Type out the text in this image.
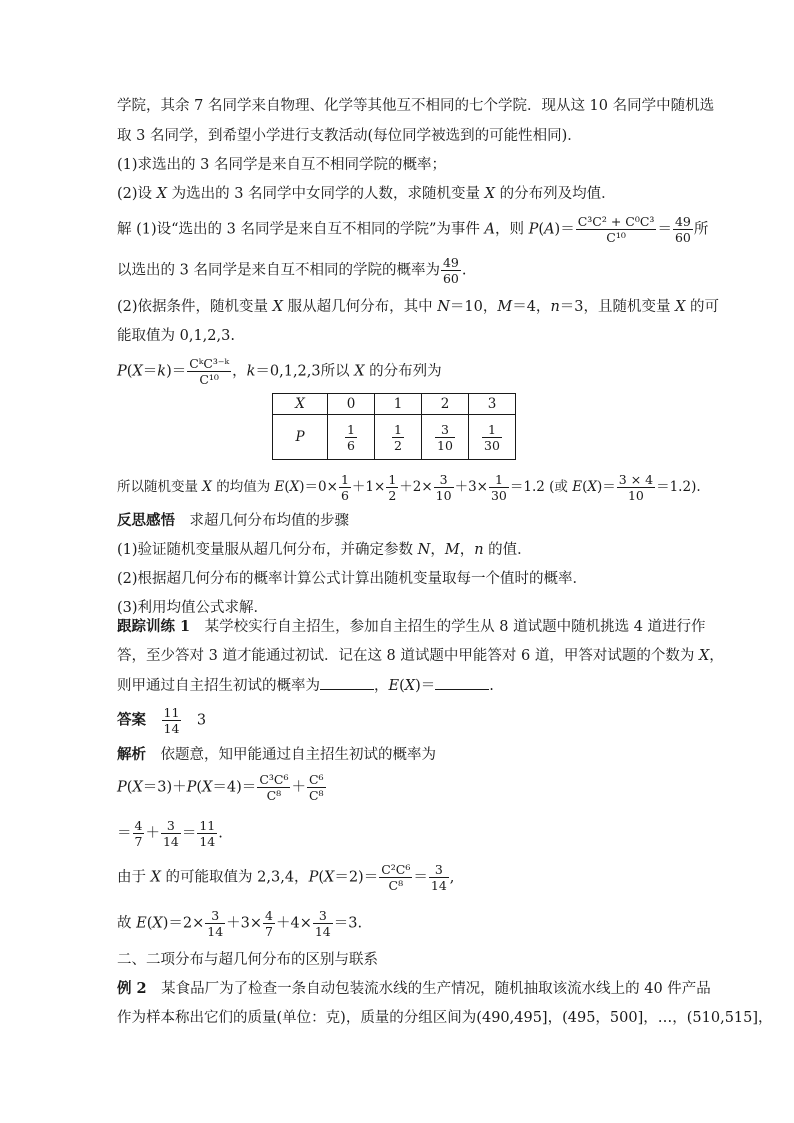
学院，其余 7 名同学来自物理、化学等其他互不相同的七个学院．现从这 10 名同学中随机选
取 3 名同学，到希望小学进行支教活动(每位同学被选到的可能性相同)．
(1)求选出的 3 名同学是来自互不相同学院的概率；
(2)设 X 为选出的 3 名同学中女同学的人数，求随机变量 X 的分布列及均值．
解 (1)设“选出的 3 名同学是来自互不相同的学院”为事件 A，则 $P(A)= \frac{\text{C³C² + C⁰C³}}{\text{C¹⁰}} = \frac{49}{60}$ 所
以选出的 3 名同学是来自互不相同的学院的概率为 $\frac{49}{60}$ .
(2)依据条件，随机变量 X 服从超几何分布，其中 N＝10，M＝4，n＝3，且随机变量 X 的可
能取值为 0,1,2,3.
$P(X=k)= \frac{\text{CᵏC³⁻ᵏ}}{\text{C¹⁰}}$ ，k＝0,1,2,3所以 X 的分布列为
X	0	1	2	3
P	$\frac{1}{6}$	$\frac{1}{2}$	$\frac{3}{10}$	$\frac{1}{30}$
所以随机变量 X 的均值为 $E(X)=0\times \frac{1}{6} +1\times \frac{1}{2} +2\times \frac{3}{10} +3\times \frac{1}{30} =1.2$ (或 $E(X)= \frac{3 \times 4}{10} =1.2$).
反思感悟　求超几何分布均值的步骤
(1)验证随机变量服从超几何分布，并确定参数 N，M，n 的值．
(2)根据超几何分布的概率计算公式计算出随机变量取每一个值时的概率．
(3)利用均值公式求解．
跟踪训练 1　某学校实行自主招生，参加自主招生的学生从 8 道试题中随机挑选 4 道进行作
答，至少答对 3 道才能通过初试．记在这 8 道试题中甲能答对 6 道，甲答对试题的个数为 X，
则甲通过自主招生初试的概率为	，E(X)＝	.
答案　 $\frac{11}{14}$
　 3
解析　依题意，知甲能通过自主招生初试的概率为
$P(X=3)+P(X=4)= \frac{\text{C³C⁶}}{\text{C⁸}} + \frac{\text{C⁶}}{\text{C⁸}}$
＝ $\frac{4}{7} + \frac{3}{14} = \frac{11}{14}$ .
由于 X 的可能取值为 2,3,4，$P(X=2)= \frac{\text{C²C⁶}}{\text{C⁸}} = \frac{3}{14}$ ,
故 $E(X)=2\times \frac{3}{14} +3\times \frac{4}{7} +4\times \frac{3}{14} =3$.
二、二项分布与超几何分布的区别与联系
例 2　某食品厂为了检查一条自动包装流水线的生产情况，随机抽取该流水线上的 40 件产品
作为样本称出它们的质量(单位：克)，质量的分组区间为(490,495]，(495，500]，…，(510,515]，
